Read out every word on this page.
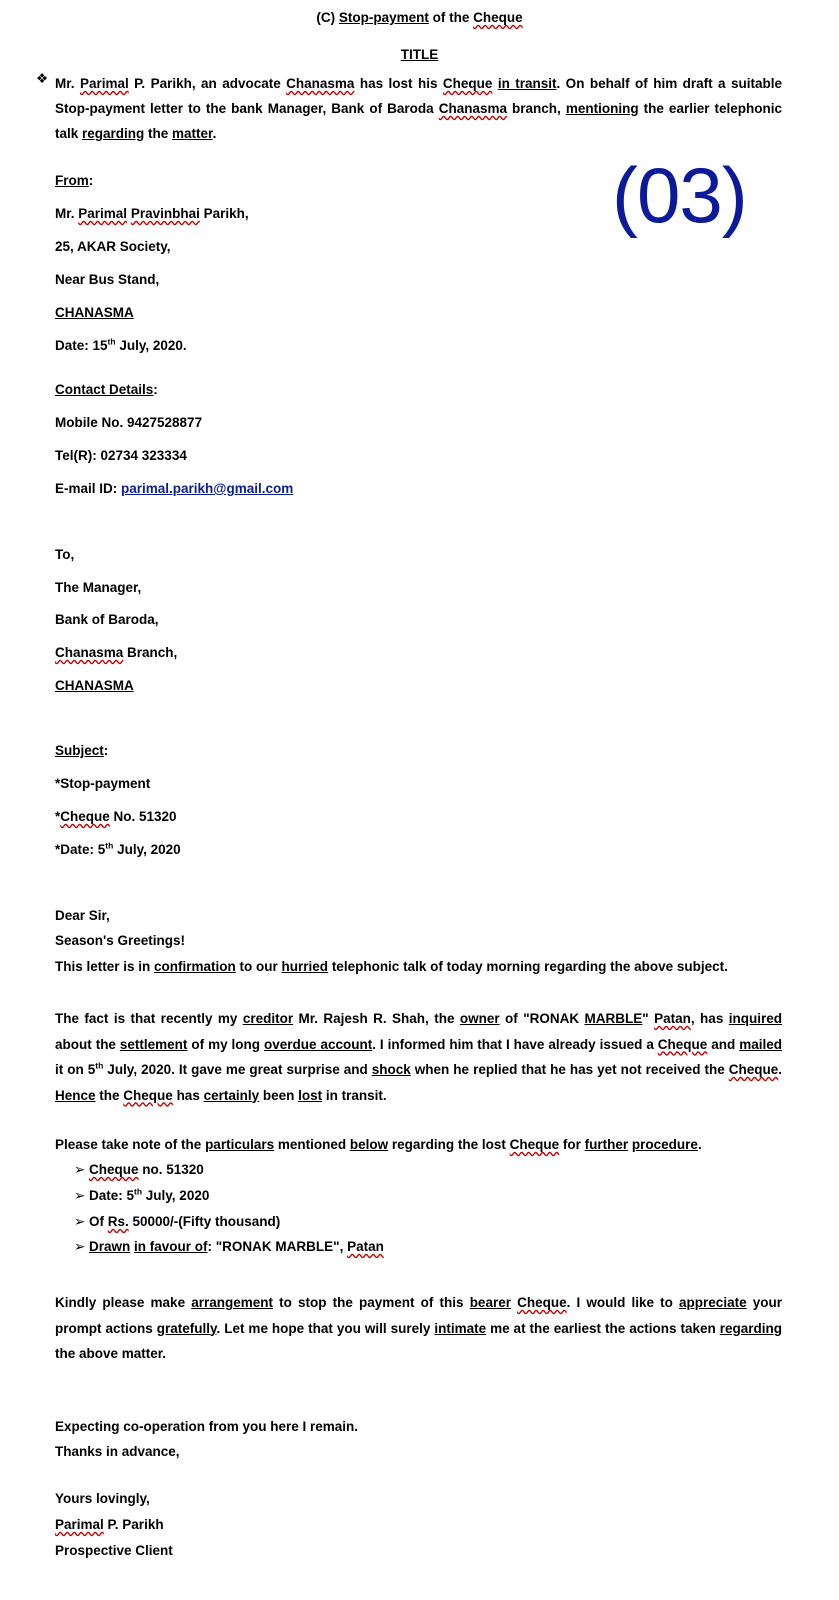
(C) Stop-payment of the Cheque
TITLE
❖ Mr. Parimal P. Parikh, an advocate Chanasma has lost his Cheque in transit. On behalf of him draft a suitable Stop-payment letter to the bank Manager, Bank of Baroda Chanasma branch, mentioning the earlier telephonic talk regarding the matter.
(03)
From:
Mr. Parimal Pravinbhai Parikh,
25, AKAR Society,
Near Bus Stand,
CHANASMA
Date: 15th July, 2020.
Contact Details:
Mobile No. 9427528877
Tel(R): 02734 323334
E-mail ID: parimal.parikh@gmail.com
To,
The Manager,
Bank of Baroda,
Chanasma Branch,
CHANASMA
Subject:
*Stop-payment
*Cheque No. 51320
*Date: 5th July, 2020
Dear Sir,
Season's Greetings!
This letter is in confirmation to our hurried telephonic talk of today morning regarding the above subject.
The fact is that recently my creditor Mr. Rajesh R. Shah, the owner of "RONAK MARBLE" Patan, has inquired about the settlement of my long overdue account. I informed him that I have already issued a Cheque and mailed it on 5th July, 2020. It gave me great surprise and shock when he replied that he has yet not received the Cheque. Hence the Cheque has certainly been lost in transit.
Please take note of the particulars mentioned below regarding the lost Cheque for further procedure.
➢ Cheque no. 51320
➢ Date: 5th July, 2020
➢ Of Rs. 50000/-(Fifty thousand)
➢ Drawn in favour of: "RONAK MARBLE", Patan
Kindly please make arrangement to stop the payment of this bearer Cheque. I would like to appreciate your prompt actions gratefully. Let me hope that you will surely intimate me at the earliest the actions taken regarding the above matter.
Expecting co-operation from you here I remain.
Thanks in advance,
Yours lovingly,
Parimal P. Parikh
Prospective Client
